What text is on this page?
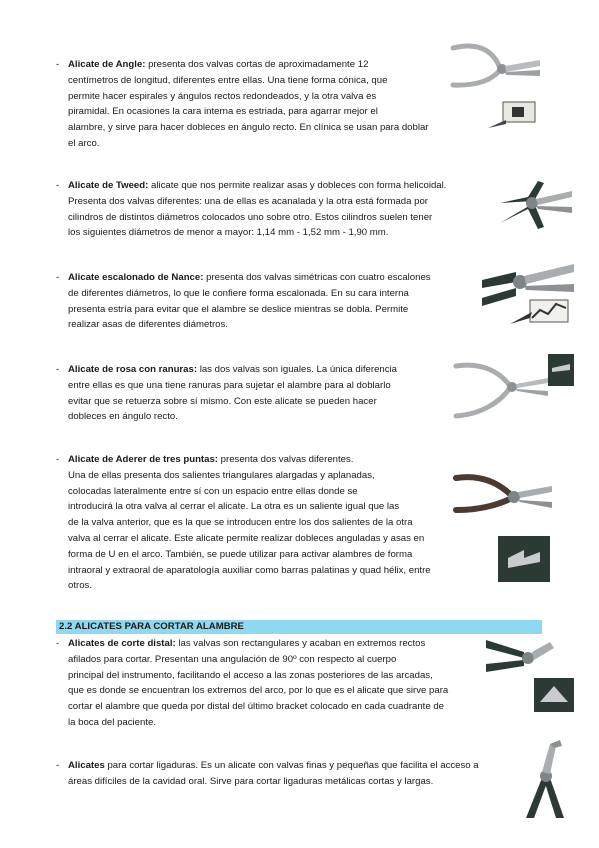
- Alicate de Angle: presenta dos valvas cortas de aproximadamente 12
centímetros de longitud, diferentes entre ellas. Una tiene forma cónica, que
permite hacer espirales y ángulos rectos redondeados, y la otra valva es
piramidal. En ocasiones la cara interna es estriada, para agarrar mejor el
alambre, y sirve para hacer dobleces en ángulo recto. En clínica se usan para doblar
el arco.
- Alicate de Tweed: alicate que nos permite realizar asas y dobleces con forma helicoidal.
Presenta dos valvas diferentes: una de ellas es acanalada y la otra está formada por
cilindros de distintos diámetros colocados uno sobre otro. Estos cilindros suelen tener
los siguientes diámetros de menor a mayor: 1,14 mm - 1,52 mm - 1,90 mm.
- Alicate escalonado de Nance: presenta dos valvas simétricas con cuatro escalones
de diferentes diámetros, lo que le confiere forma escalonada. En su cara interna
presenta estría para evitar que el alambre se deslice mientras se dobla. Permite
realizar asas de diferentes diámetros.
- Alicate de rosa con ranuras: las dos valvas son iguales. La única diferencia
entre ellas es que una tiene ranuras para sujetar el alambre para al doblarlo
evitar que se retuerza sobre sí mismo. Con este alicate se pueden hacer
dobleces en ángulo recto.
- Alicate de Aderer de tres puntas: presenta dos valvas diferentes.
Una de ellas presenta dos salientes triangulares alargadas y aplanadas,
colocadas lateralmente entre sí con un espacio entre ellas donde se
introducirá la otra valva al cerrar el alicate. La otra es un saliente igual que las
de la valva anterior, que es la que se introducen entre los dos salientes de la otra
valva al cerrar el alicate. Este alicate permite realizar dobleces anguladas y asas en
forma de U en el arco. También, se puede utilizar para activar alambres de forma
intraoral y extraoral de aparatología auxiliar como barras palatinas y quad hélix, entre
otros.
2.2 ALICATES PARA CORTAR ALAMBRE
- Alicates de corte distal: las valvas son rectangulares y acaban en extremos rectos
afilados para cortar. Presentan una angulación de 90º con respecto al cuerpo
principal del instrumento, facilitando el acceso a las zonas posteriores de las arcadas,
que es donde se encuentran los extremos del arco, por lo que es el alicate que sirve para
cortar el alambre que queda por distal del último bracket colocado en cada cuadrante de
la boca del paciente.
- Alicates para cortar ligaduras. Es un alicate con valvas finas y pequeñas que facilita el acceso a
áreas difíciles de la cavidad oral. Sirve para cortar ligaduras metálicas cortas y largas.
